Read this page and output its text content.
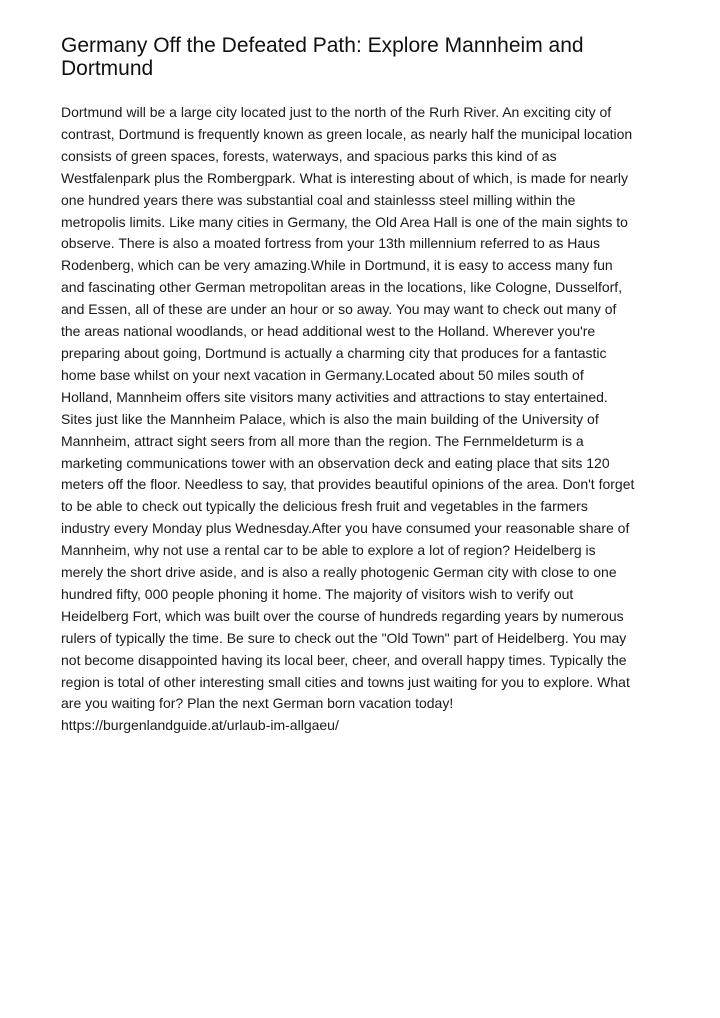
Germany Off the Defeated Path: Explore Mannheim and Dortmund

Dortmund will be a large city located just to the north of the Rurh River. An exciting city of
contrast, Dortmund is frequently known as green locale, as nearly half the municipal location
consists of green spaces, forests, waterways, and spacious parks this kind of as
Westfalenpark plus the Rombergpark. What is interesting about of which, is made for nearly
one hundred years there was substantial coal and stainlesss steel milling within the
metropolis limits. Like many cities in Germany, the Old Area Hall is one of the main sights to
observe. There is also a moated fortress from your 13th millennium referred to as Haus
Rodenberg, which can be very amazing.While in Dortmund, it is easy to access many fun
and fascinating other German metropolitan areas in the locations, like Cologne, Dusselforf,
and Essen, all of these are under an hour or so away. You may want to check out many of
the areas national woodlands, or head additional west to the Holland. Wherever you're
preparing about going, Dortmund is actually a charming city that produces for a fantastic
home base whilst on your next vacation in Germany.Located about 50 miles south of
Holland, Mannheim offers site visitors many activities and attractions to stay entertained.
Sites just like the Mannheim Palace, which is also the main building of the University of
Mannheim, attract sight seers from all more than the region. The Fernmeldeturm is a
marketing communications tower with an observation deck and eating place that sits 120
meters off the floor. Needless to say, that provides beautiful opinions of the area. Don't forget
to be able to check out typically the delicious fresh fruit and vegetables in the farmers
industry every Monday plus Wednesday.After you have consumed your reasonable share of
Mannheim, why not use a rental car to be able to explore a lot of region? Heidelberg is
merely the short drive aside, and is also a really photogenic German city with close to one
hundred fifty, 000 people phoning it home. The majority of visitors wish to verify out
Heidelberg Fort, which was built over the course of hundreds regarding years by numerous
rulers of typically the time. Be sure to check out the "Old Town" part of Heidelberg. You may
not become disappointed having its local beer, cheer, and overall happy times. Typically the
region is total of other interesting small cities and towns just waiting for you to explore. What
are you waiting for? Plan the next German born vacation today!
https://burgenlandguide.at/urlaub-im-allgaeu/
